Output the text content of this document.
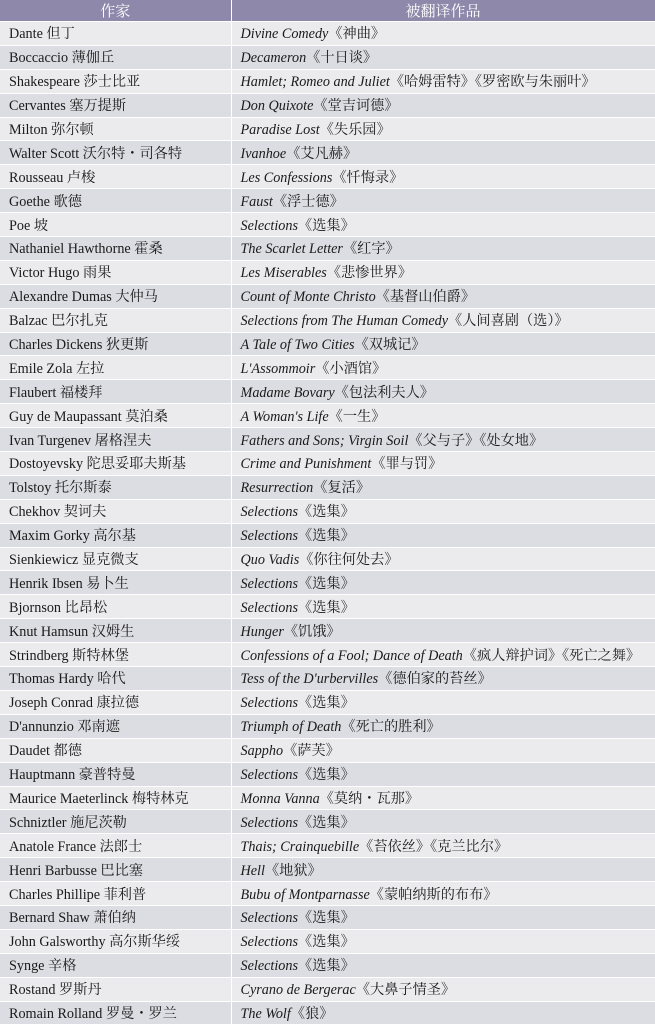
作家	被翻译作品
Dante 但丁	Divine Comedy《神曲》
Boccaccio 薄伽丘	Decameron《十日谈》
Shakespeare 莎士比亚	Hamlet; Romeo and Juliet《哈姆雷特》《罗密欧与朱丽叶》
Cervantes 塞万提斯	Don Quixote《堂吉诃德》
Milton 弥尔顿	Paradise Lost《失乐园》
Walter Scott 沃尔特・司各特	Ivanhoe《艾凡赫》
Rousseau 卢梭	Les Confessions《忏悔录》
Goethe 歌德	Faust《浮士德》
Poe 坡	Selections《选集》
Nathaniel Hawthorne 霍桑	The Scarlet Letter《红字》
Victor Hugo 雨果	Les Miserables《悲惨世界》
Alexandre Dumas 大仲马	Count of Monte Christo《基督山伯爵》
Balzac 巴尔扎克	Selections from The Human Comedy《人间喜剧（选）》
Charles Dickens 狄更斯	A Tale of Two Cities《双城记》
Emile Zola 左拉	L'Assommoir《小酒馆》
Flaubert 福楼拜	Madame Bovary《包法利夫人》
Guy de Maupassant 莫泊桑	A Woman's Life《一生》
Ivan Turgenev 屠格涅夫	Fathers and Sons; Virgin Soil《父与子》《处女地》
Dostoyevsky 陀思妥耶夫斯基	Crime and Punishment《罪与罚》
Tolstoy 托尔斯泰	Resurrection《复活》
Chekhov 契诃夫	Selections《选集》
Maxim Gorky 高尔基	Selections《选集》
Sienkiewicz 显克微支	Quo Vadis《你往何处去》
Henrik Ibsen 易卜生	Selections《选集》
Bjornson 比昂松	Selections《选集》
Knut Hamsun 汉姆生	Hunger《饥饿》
Strindberg 斯特林堡	Confessions of a Fool; Dance of Death《疯人辩护词》《死亡之舞》
Thomas Hardy 哈代	Tess of the D'urbervilles《德伯家的苔丝》
Joseph Conrad 康拉德	Selections《选集》
D'annunzio 邓南遮	Triumph of Death《死亡的胜利》
Daudet 都德	Sappho《萨芙》
Hauptmann 豪普特曼	Selections《选集》
Maurice Maeterlinck 梅特林克	Monna Vanna《莫纳・瓦那》
Schniztler 施尼茨勒	Selections《选集》
Anatole France 法郎士	Thais; Crainquebille《苔依丝》《克兰比尔》
Henri Barbusse 巴比塞	Hell《地狱》
Charles Phillipe 菲利普	Bubu of Montparnasse《蒙帕纳斯的布布》
Bernard Shaw 萧伯纳	Selections《选集》
John Galsworthy 高尔斯华绥	Selections《选集》
Synge 辛格	Selections《选集》
Rostand 罗斯丹	Cyrano de Bergerac《大鼻子情圣》
Romain Rolland 罗曼・罗兰	The Wolf《狼》
